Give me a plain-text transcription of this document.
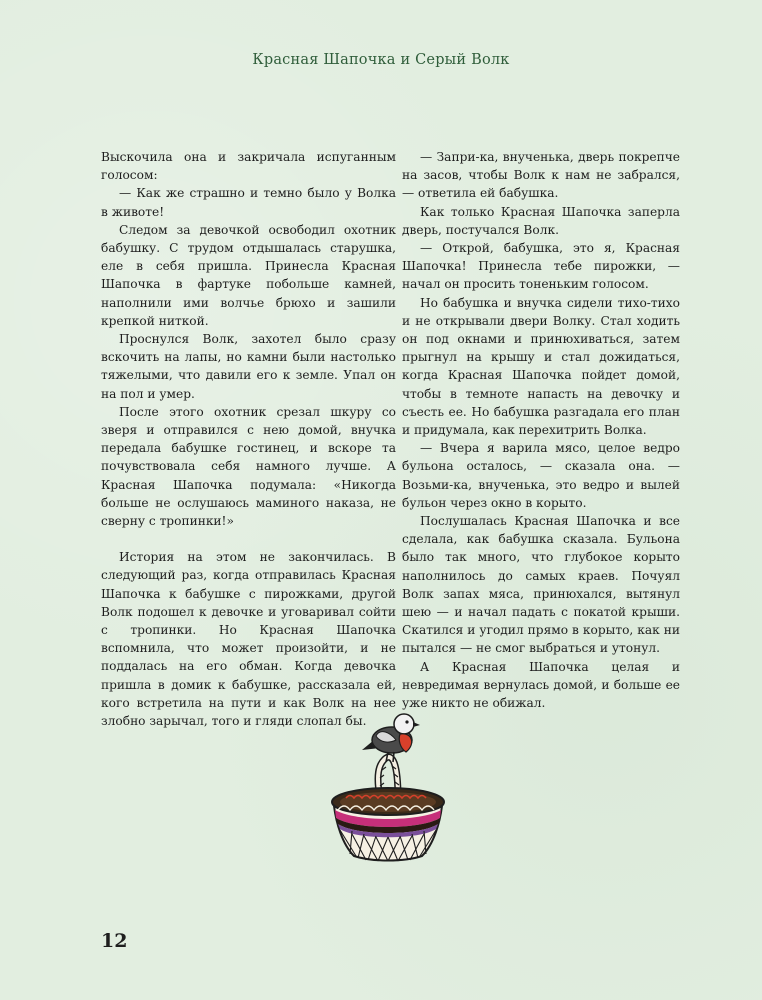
Красная Шапочка и Серый Волк

Выскочила она и закричала испуганным голосом:

— Как же страшно и темно было у Волка в животе!

Следом за девочкой освободил охотник бабушку. С трудом отдышалась старушка, еле в себя пришла. Принесла Красная Шапочка в фартуке побольше камней, наполнили ими волчье брюхо и зашили крепкой ниткой.

Проснулся Волк, захотел было сразу вскочить на лапы, но камни были настолько тяжелыми, что давили его к земле. Упал он на пол и умер.

После этого охотник срезал шкуру со зверя и отправился с нею домой, внучка передала бабушке гостинец, и вскоре та почувствовала себя намного лучше. А Красная Шапочка подумала: «Никогда больше не ослушаюсь маминого наказа, не сверну с тропинки!»

История на этом не закончилась. В следующий раз, когда отправилась Красная Шапочка к бабушке с пирожками, другой Волк подошел к девочке и уговаривал сойти с тропинки. Но Красная Шапочка вспомнила, что может произойти, и не поддалась на его обман. Когда девочка пришла в домик к бабушке, рассказала ей, кого встретила на пути и как Волк на нее злобно зарычал, того и гляди слопал бы.

— Запри-ка, внученька, дверь покрепче на засов, чтобы Волк к нам не забрался, — ответила ей бабушка.

Как только Красная Шапочка заперла дверь, постучался Волк.

— Открой, бабушка, это я, Красная Шапочка! Принесла тебе пирожки, — начал он просить тоненьким голосом.

Но бабушка и внучка сидели тихо-тихо и не открывали двери Волку. Стал ходить он под окнами и принюхиваться, затем прыгнул на крышу и стал дожидаться, когда Красная Шапочка пойдет домой, чтобы в темноте напасть на девочку и съесть ее. Но бабушка разгадала его план и придумала, как перехитрить Волка.

— Вчера я варила мясо, целое ведро бульона осталось, — сказала она. — Возьми-ка, внученька, это ведро и вылей бульон через окно в корыто.

Послушалась Красная Шапочка и все сделала, как бабушка сказала. Бульона было так много, что глубокое корыто наполнилось до самых краев. Почуял Волк запах мяса, принюхался, вытянул шею — и начал падать с покатой крыши. Скатился и угодил прямо в корыто, как ни пытался — не смог выбраться и утонул.

А Красная Шапочка целая и невредимая вернулась домой, и больше ее уже никто не обижал.

12
